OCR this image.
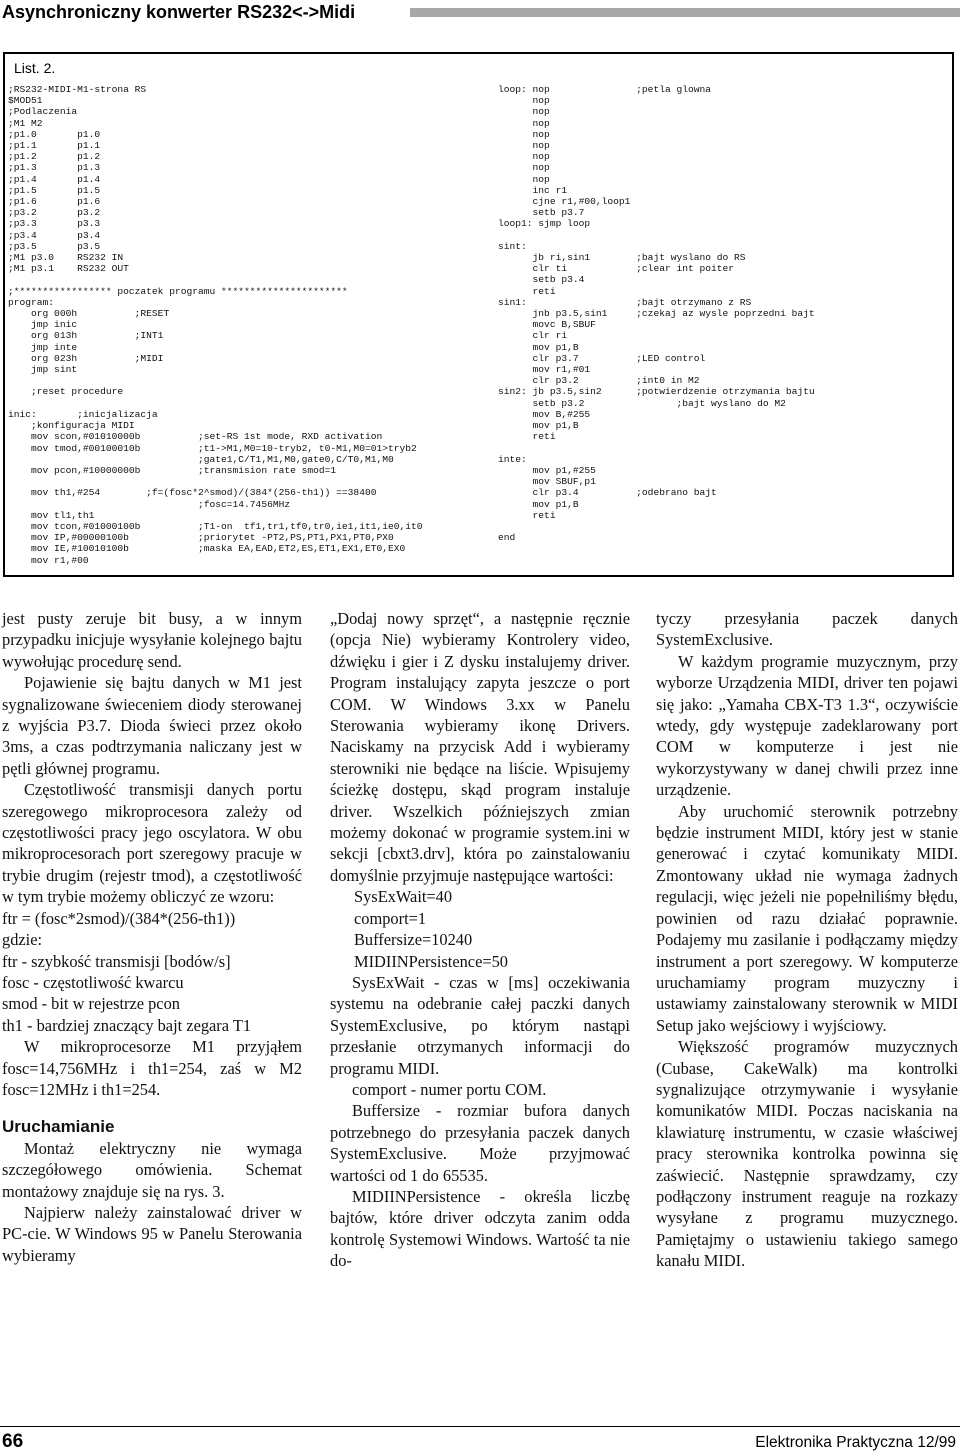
Asynchroniczny konwerter RS232<->Midi
List. 2.
;RS232-MIDI-M1-strona RS
$MOD51
;Podlaczenia
;M1 M2
;p1.0       p1.0
;p1.1       p1.1
;p1.2       p1.2
;p1.3       p1.3
;p1.4       p1.4
;p1.5       p1.5
;p1.6       p1.6
;p3.2       p3.2
;p3.3       p3.3
;p3.4       p3.4
;p3.5       p3.5
;M1 p3.0    RS232 IN
;M1 p3.1    RS232 OUT

;***************** poczatek programu **********************
program:
org 000h          ;RESET
jmp inic
org 013h          ;INT1
jmp inte
org 023h          ;MIDI
jmp sint

;reset procedure

inic:       ;inicjalizacja
;konfiguracja MIDI
mov scon,#01010000b          ;set-RS 1st mode, RXD activation
mov tmod,#00100010b          ;t1->M1,M0=10-tryb2, t0-M1,M0=01>tryb2
;gate1,C/T1,M1,M0,gate0,C/T0,M1,M0
mov pcon,#10000000b          ;transmision rate smod=1

mov th1,#254        ;f=(fosc*2^smod)/(384*(256-th1)) ==38400
;fosc=14.7456MHz
mov tl1,th1
mov tcon,#01000100b          ;T1-on  tf1,tr1,tf0,tr0,ie1,it1,ie0,it0
mov IP,#00000100b            ;priorytet -PT2,PS,PT1,PX1,PT0,PX0
mov IE,#10010100b            ;maska EA,EAD,ET2,ES,ET1,EX1,ET0,EX0
mov r1,#00
loop: nop               ;petla glowna
nop
nop
nop
nop
nop
nop
nop
nop
inc r1
cjne r1,#00,loop1
setb p3.7
loop1: sjmp loop

sint:
jb ri,sin1        ;bajt wyslano do RS
clr ti            ;clear int poiter
setb p3.4
reti
sin1:                   ;bajt otrzymano z RS
jnb p3.5,sin1     ;czekaj az wysle poprzedni bajt
movc B,SBUF
clr ri
mov p1,B
clr p3.7          ;LED control
mov r1,#01
clr p3.2          ;int0 in M2
sin2: jb p3.5,sin2      ;potwierdzenie otrzymania bajtu
setb p3.2                ;bajt wyslano do M2
mov B,#255
mov p1,B
reti

inte:
mov p1,#255
mov SBUF,p1
clr p3.4          ;odebrano bajt
mov p1,B
reti

end

jest pusty zeruje bit busy, a w innym przypadku inicjuje wysyłanie kolejnego bajtu wywołując procedurę send.

Pojawienie się bajtu danych w M1 jest sygnalizowane świeceniem diody sterowanej z wyjścia P3.7. Dioda świeci przez około 3ms, a czas podtrzymania naliczany jest w pętli głównej programu.

Częstotliwość transmisji danych portu szeregowego mikroprocesora zależy od częstotliwości pracy jego oscylatora. W obu mikroprocesorach port szeregowy pracuje w trybie drugim (rejestr tmod), a częstotliwość w tym trybie możemy obliczyć ze wzoru:

ftr = (fosc*2smod)/(384*(256-th1))

gdzie:

ftr - szybkość transmisji [bodów/s]

fosc - częstotliwość kwarcu

smod - bit w rejestrze pcon

th1 - bardziej znaczący bajt zegara T1

W mikroprocesorze M1 przyjąłem fosc=14,756MHz i th1=254, zaś w M2 fosc=12MHz i th1=254.

Uruchamianie

Montaż elektryczny nie wymaga szczegółowego omówienia. Schemat montażowy znajduje się na rys. 3.

Najpierw należy zainstalować driver w PC-cie. W Windows 95 w Panelu Sterowania wybieramy

„Dodaj nowy sprzęt“, a następnie ręcznie (opcja Nie) wybieramy Kontrolery video, dźwięku i gier i Z dysku instalujemy driver. Program instalujący zapyta jeszcze o port COM. W Windows 3.xx w Panelu Sterowania wybieramy ikonę Drivers. Naciskamy na przycisk Add i wybieramy sterowniki nie będące na liście. Wpisujemy ścieżkę dostępu, skąd program instaluje driver. Wszelkich późniejszych zmian możemy dokonać w programie system.ini w sekcji [cbxt3.drv], która po zainstalowaniu domyślnie przyjmuje następujące wartości:

SysExWait=40

comport=1

Buffersize=10240

MIDIINPersistence=50

SysExWait - czas w [ms] oczekiwania systemu na odebranie całej paczki danych SystemExclusive, po którym nastąpi przesłanie otrzymanych informacji do programu MIDI.

comport - numer portu COM.

Buffersize - rozmiar bufora danych potrzebnego do przesyłania paczek danych SystemExclusive. Może przyjmować wartości od 1 do 65535.

MIDIINPersistence - określa liczbę bajtów, które driver odczyta zanim odda kontrolę Systemowi Windows. Wartość ta nie do-

tyczy przesyłania paczek danych SystemExclusive.

W każdym programie muzycznym, przy wyborze Urządzenia MIDI, driver ten pojawi się jako: „Yamaha CBX-T3 1.3“, oczywiście wtedy, gdy występuje zadeklarowany port COM w komputerze i jest nie wykorzystywany w danej chwili przez inne urządzenie.

Aby uruchomić sterownik potrzebny będzie instrument MIDI, który jest w stanie generować i czytać komunikaty MIDI. Zmontowany układ nie wymaga żadnych regulacji, więc jeżeli nie popełniliśmy błędu, powinien od razu działać poprawnie. Podajemy mu zasilanie i podłączamy między instrument a port szeregowy. W komputerze uruchamiamy program muzyczny i ustawiamy zainstalowany sterownik w MIDI Setup jako wejściowy i wyjściowy.

Większość programów muzycznych (Cubase, CakeWalk) ma kontrolki sygnalizujące otrzymywanie i wysyłanie komunikatów MIDI. Poczas naciskania na klawiaturę instrumentu, w czasie właściwej pracy sterownika kontrolka powinna się zaświecić. Następnie sprawdzamy, czy podłączony instrument reaguje na rozkazy wysyłane z programu muzycznego. Pamiętajmy o ustawieniu takiego samego kanału MIDI.

66	Elektronika Praktyczna 12/99
